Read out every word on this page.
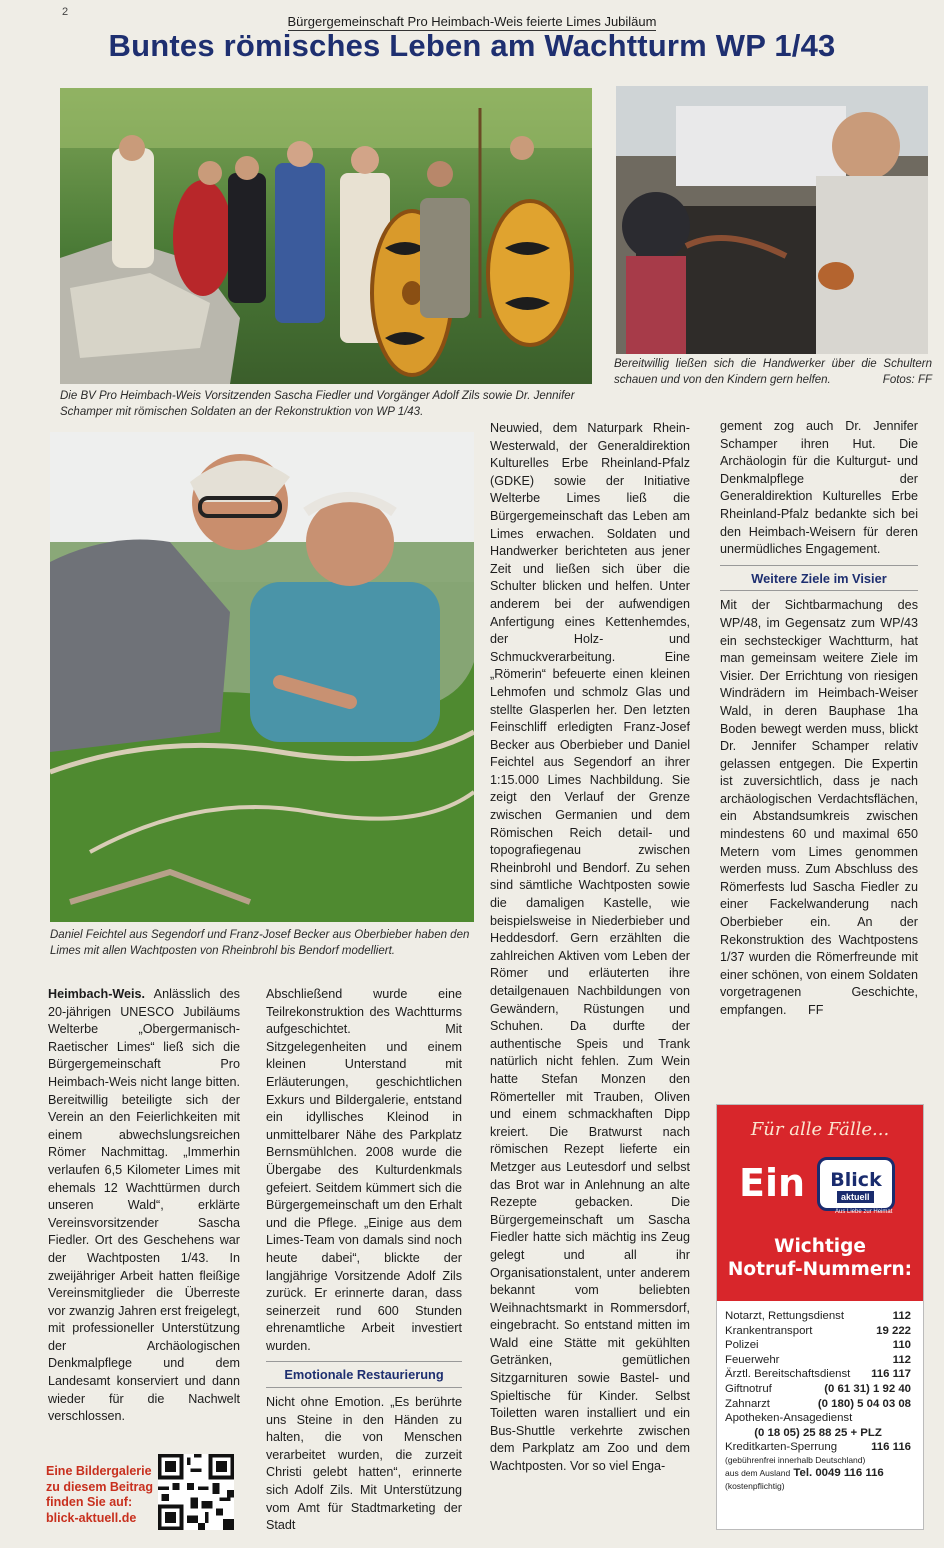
2
Bürgergemeinschaft Pro Heimbach-Weis feierte Limes Jubiläum
Buntes römisches Leben am Wachtturm WP 1/43
Die BV Pro Heimbach-Weis Vorsitzenden Sascha Fiedler und Vorgänger Adolf Zils sowie Dr. Jennifer Schamper mit römischen Soldaten an der Rekonstruktion von WP 1/43.
Bereitwillig ließen sich die Handwerker über die Schultern schauen und von den Kindern gern helfen.	Fotos: FF
Daniel Feichtel aus Segendorf und Franz-Josef Becker aus Oberbieber haben den Limes mit allen Wachtposten von Rheinbrohl bis Bendorf modelliert.

Heimbach-Weis. Anlässlich des 20-jährigen UNESCO Jubiläums Welterbe „Obergermanisch-Raetischer Limes“ ließ sich die Bürgergemeinschaft Pro Heimbach-Weis nicht lange bitten. Bereitwillig beteiligte sich der Verein an den Feierlichkeiten mit einem abwechslungsreichen Römer Nachmittag. „Immerhin verlaufen 6,5 Kilometer Limes mit ehemals 12 Wachttürmen durch unseren Wald“, erklärte Vereinsvorsitzender Sascha Fiedler. Ort des Geschehens war der Wachtposten 1/43. In zweijähriger Arbeit hatten fleißige Vereinsmitglieder die Überreste vor zwanzig Jahren erst freigelegt, mit professioneller Unterstützung der Archäologischen Denkmalpflege und dem Landesamt konserviert und dann wieder für die Nachwelt verschlossen.

Eine Bildergalerie
zu diesem Beitrag
finden Sie auf:
blick-aktuell.de

Abschließend wurde eine Teilrekonstruktion des Wachtturms aufgeschichtet. Mit Sitzgelegenheiten und einem kleinen Unterstand mit Erläuterungen, geschichtlichen Exkurs und Bildergalerie, entstand ein idyllisches Kleinod in unmittelbarer Nähe des Parkplatz Bernsmühlchen. 2008 wurde die Übergabe des Kulturdenkmals gefeiert. Seitdem kümmert sich die Bürgergemeinschaft um den Erhalt und die Pflege. „Einige aus dem Limes-Team von damals sind noch heute dabei“, blickte der langjährige Vorsitzende Adolf Zils zurück. Er erinnerte daran, dass seinerzeit rund 600 Stunden ehrenamtliche Arbeit investiert wurden.

Emotionale Restaurierung

Nicht ohne Emotion. „Es berührte uns Steine in den Händen zu halten, die von Menschen verarbeitet wurden, die zurzeit Christi gelebt hatten“, erinnerte sich Adolf Zils. Mit Unterstützung vom Amt für Stadtmarketing der Stadt

Neuwied, dem Naturpark Rhein-Westerwald, der Generaldirektion Kulturelles Erbe Rheinland-Pfalz (GDKE) sowie der Initiative Welterbe Limes ließ die Bürgergemeinschaft das Leben am Limes erwachen. Soldaten und Handwerker berichteten aus jener Zeit und ließen sich über die Schulter blicken und helfen. Unter anderem bei der aufwendigen Anfertigung eines Kettenhemdes, der Holz- und Schmuckverarbeitung. Eine „Römerin“ befeuerte einen kleinen Lehmofen und schmolz Glas und stellte Glasperlen her. Den letzten Feinschliff erledigten Franz-Josef Becker aus Oberbieber und Daniel Feichtel aus Segendorf an ihrer 1:15.000 Limes Nachbildung. Sie zeigt den Verlauf der Grenze zwischen Germanien und dem Römischen Reich detail- und topografiegenau zwischen Rheinbrohl und Bendorf. Zu sehen sind sämtliche Wachtposten sowie die damaligen Kastelle, wie beispielsweise in Niederbieber und Heddesdorf. Gern erzählten die zahlreichen Aktiven vom Leben der Römer und erläuterten ihre detailgenauen Nachbildungen von Gewändern, Rüstungen und Schuhen. Da durfte der authentische Speis und Trank natürlich nicht fehlen. Zum Wein hatte Stefan Monzen den Römerteller mit Trauben, Oliven und einem schmackhaften Dipp kreiert. Die Bratwurst nach römischen Rezept lieferte ein Metzger aus Leutesdorf und selbst das Brot war in Anlehnung an alte Rezepte gebacken. Die Bürgergemeinschaft um Sascha Fiedler hatte sich mächtig ins Zeug gelegt und all ihr Organisationstalent, unter anderem bekannt vom beliebten Weihnachtsmarkt in Rommersdorf, eingebracht. So entstand mitten im Wald eine Stätte mit gekühlten Getränken, gemütlichen Sitzgarnituren sowie Bastel- und Spieltische für Kinder. Selbst Toiletten waren installiert und ein Bus-Shuttle verkehrte zwischen dem Parkplatz am Zoo und dem Wachtposten. Vor so viel Enga-

gement zog auch Dr. Jennifer Schamper ihren Hut. Die Archäologin für die Kulturgut- und Denkmalpflege der Generaldirektion Kulturelles Erbe Rheinland-Pfalz bedankte sich bei den Heimbach-Weisern für deren unermüdliches Engagement.

Weitere Ziele im Visier

Mit der Sichtbarmachung des WP/48, im Gegensatz zum WP/43 ein sechsteckiger Wachtturm, hat man gemeinsam weitere Ziele im Visier. Der Errichtung von riesigen Windrädern im Heimbach-Weiser Wald, in deren Bauphase 1ha Boden bewegt werden muss, blickt Dr. Jennifer Schamper relativ gelassen entgegen. Die Expertin ist zuversichtlich, dass je nach archäologischen Verdachtsflächen, ein Abstandsumkreis zwischen mindestens 60 und maximal 650 Metern vom Limes genommen werden muss. Zum Abschluss des Römerfests lud Sascha Fiedler zu einer Fackelwanderung nach Oberbieber ein. An der Rekonstruktion des Wachtpostens 1/37 wurden die Römerfreunde mit einer schönen, von einem Soldaten vorgetragenen Geschichte, empfangen. FF

Für alle Fälle...
Ein	Blick
aktuell
Aus Liebe zur Heimat
Wichtige
Notruf-Nummern:
Notarzt, Rettungsdienst	112
Krankentransport	19 222
Polizei	110
Feuerwehr	112
Ärztl. Bereitschaftsdienst 116 117
Giftnotruf	(0 61 31) 1 92 40
Zahnarzt	(0 180) 5 04 03 08
Apotheken-Ansagedienst
(0 18 05) 25 88 25 + PLZ
Kreditkarten-Sperrung	116 116
(gebührenfrei innerhalb Deutschland)
aus dem Ausland Tel. 0049 116 116
(kostenpflichtig)
